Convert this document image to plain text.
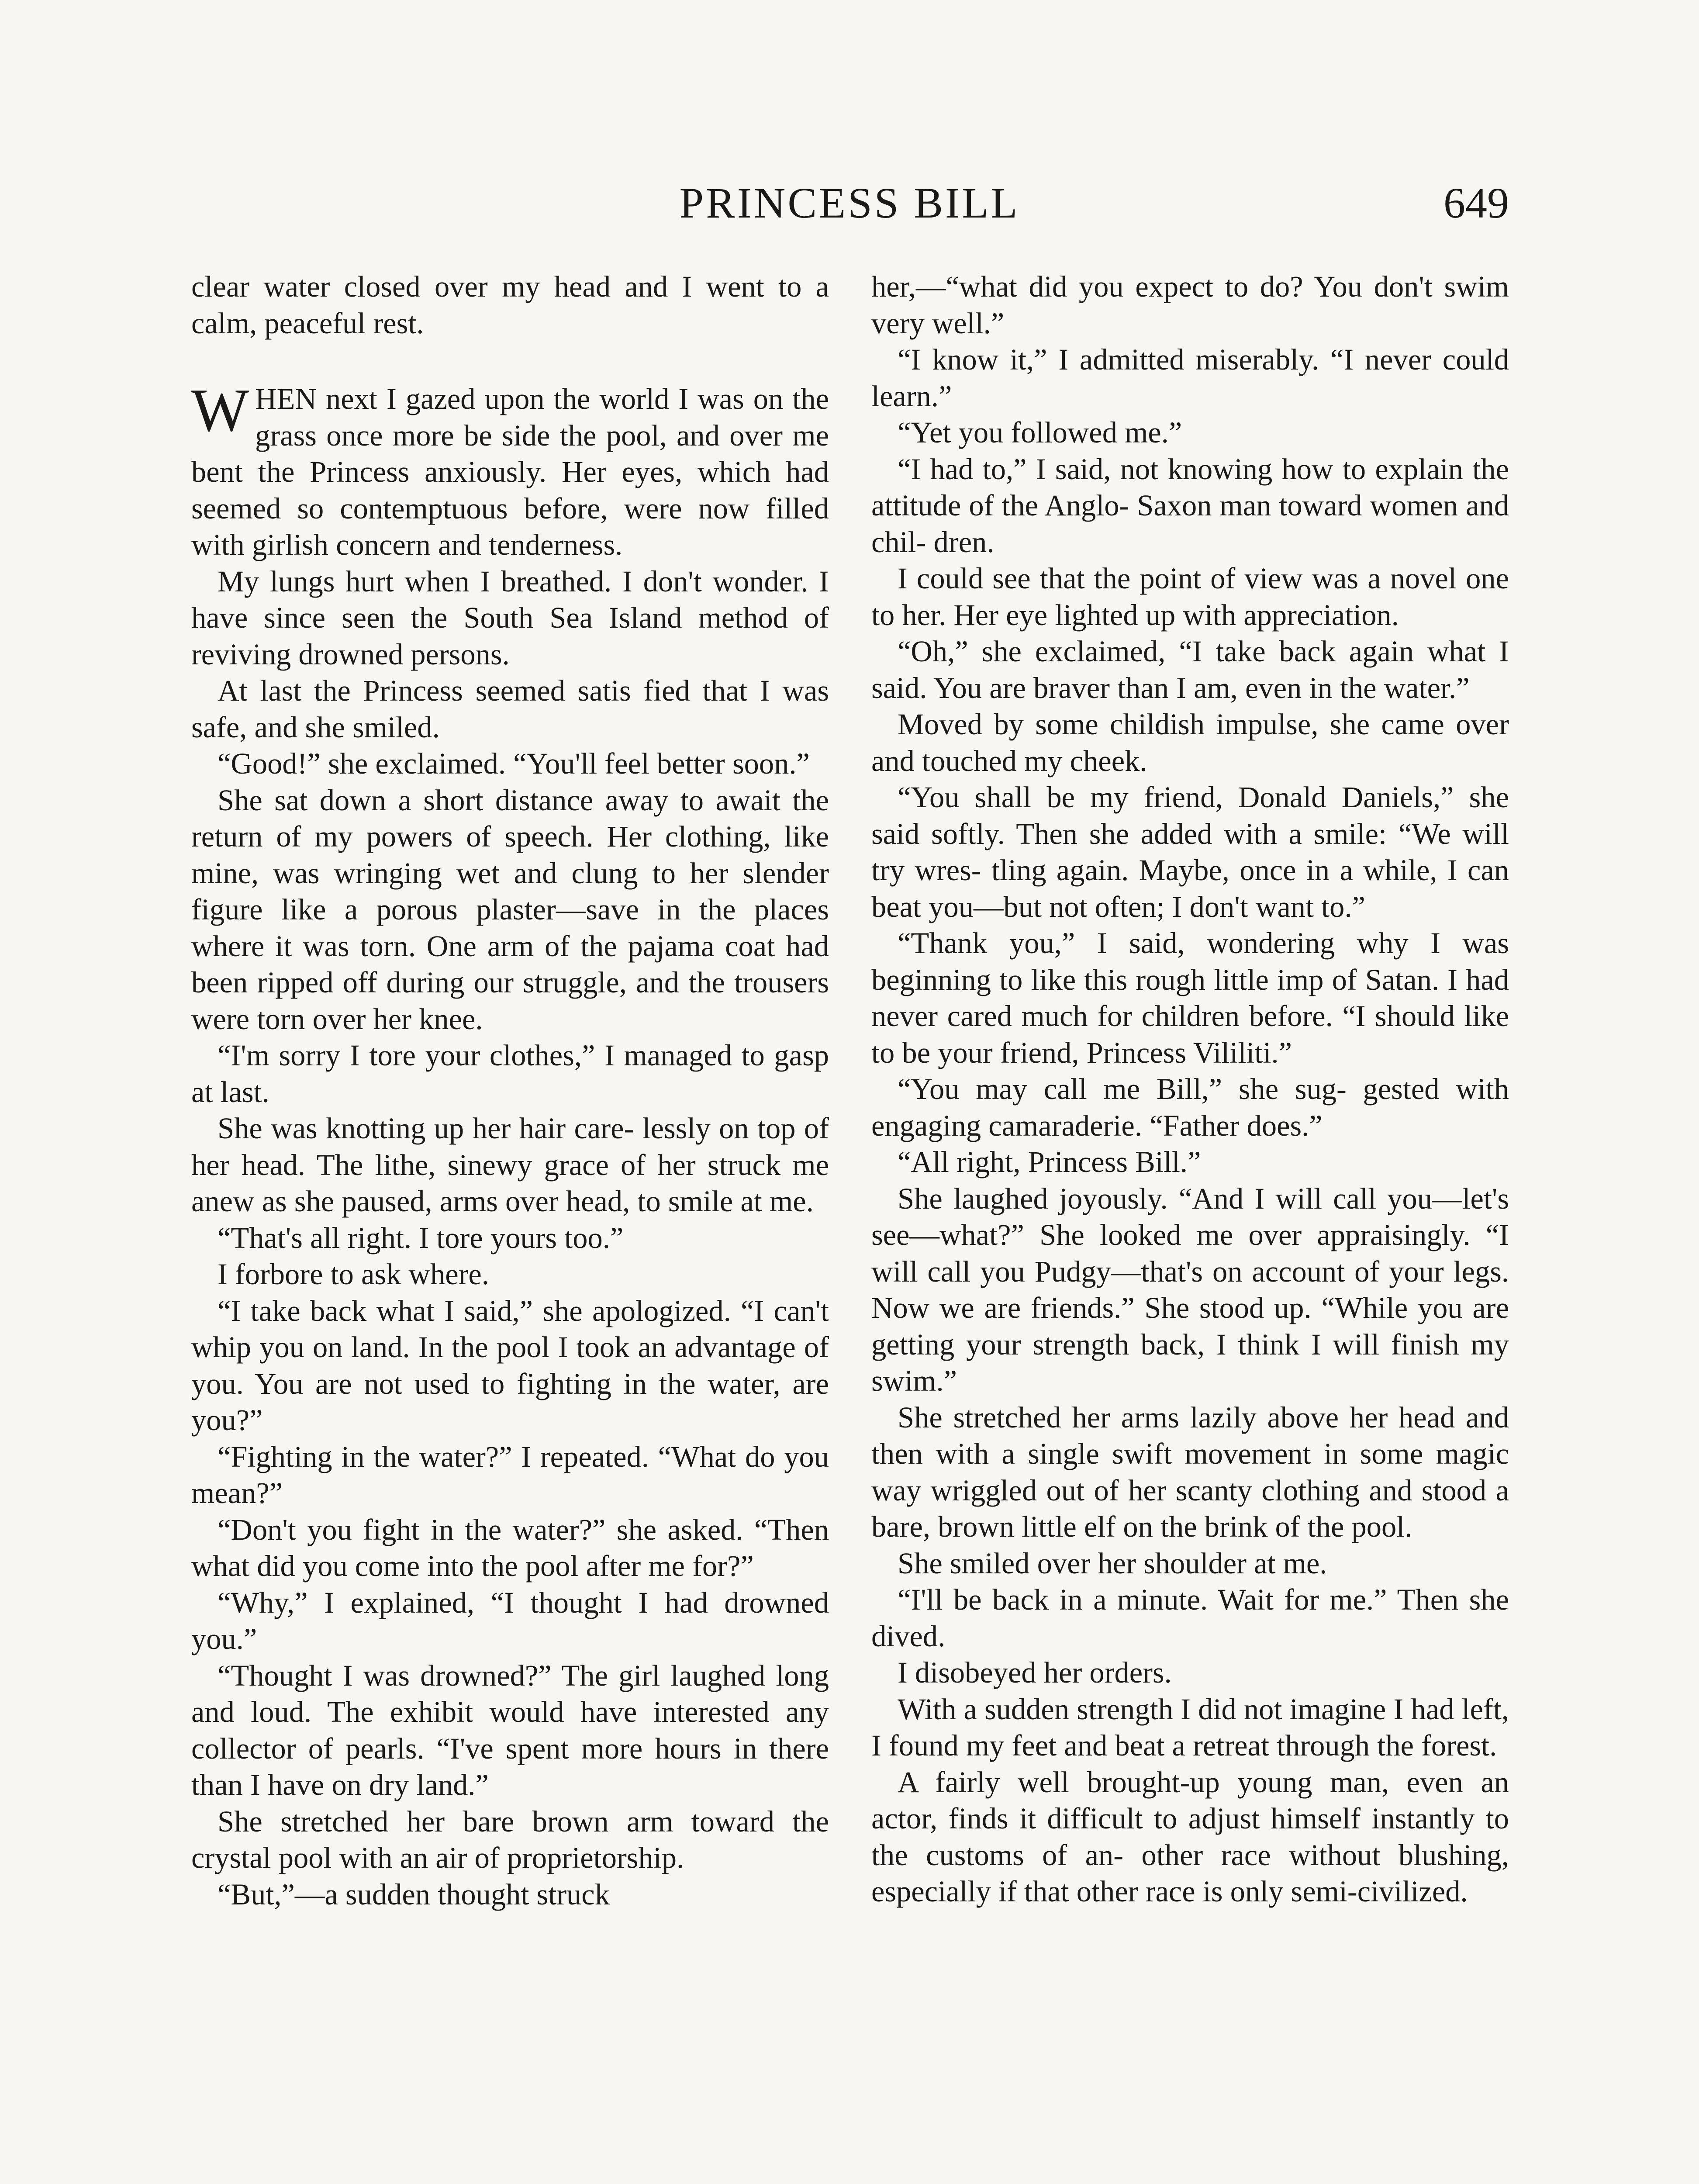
PRINCESS BILL	649

clear water closed over my head and I went to a calm, peaceful rest.

WHEN next I gazed upon the world I was on the grass once more be side the pool, and over me bent the Princess anxiously. Her eyes, which had seemed so contemptuous before, were now filled with girlish concern and tenderness.

My lungs hurt when I breathed. I don't wonder. I have since seen the South Sea Island method of reviving drowned persons.

At last the Princess seemed satis fied that I was safe, and she smiled.

“Good!” she exclaimed. “You'll feel better soon.”

She sat down a short distance away to await the return of my powers of speech. Her clothing, like mine, was wringing wet and clung to her slender figure like a porous plaster—save in the places where it was torn. One arm of the pajama coat had been ripped off during our struggle, and the trousers were torn over her knee.

“I'm sorry I tore your clothes,” I managed to gasp at last.

She was knotting up her hair care- lessly on top of her head. The lithe, sinewy grace of her struck me anew as she paused, arms over head, to smile at me.

“That's all right. I tore yours too.”

I forbore to ask where.

“I take back what I said,” she apologized. “I can't whip you on land. In the pool I took an advantage of you. You are not used to fighting in the water, are you?”

“Fighting in the water?” I repeated. “What do you mean?”

“Don't you fight in the water?” she asked. “Then what did you come into the pool after me for?”

“Why,” I explained, “I thought I had drowned you.”

“Thought I was drowned?” The girl laughed long and loud. The exhibit would have interested any collector of pearls. “I've spent more hours in there than I have on dry land.”

She stretched her bare brown arm toward the crystal pool with an air of proprietorship.

“But,”—a sudden thought struck

her,—“what did you expect to do? You don't swim very well.”

“I know it,” I admitted miserably. “I never could learn.”

“Yet you followed me.”

“I had to,” I said, not knowing how to explain the attitude of the Anglo- Saxon man toward women and chil- dren.

I could see that the point of view was a novel one to her. Her eye lighted up with appreciation.

“Oh,” she exclaimed, “I take back again what I said. You are braver than I am, even in the water.”

Moved by some childish impulse, she came over and touched my cheek.

“You shall be my friend, Donald Daniels,” she said softly. Then she added with a smile: “We will try wres- tling again. Maybe, once in a while, I can beat you—but not often; I don't want to.”

“Thank you,” I said, wondering why I was beginning to like this rough little imp of Satan. I had never cared much for children before. “I should like to be your friend, Princess Vililiti.”

“You may call me Bill,” she sug- gested with engaging camaraderie. “Father does.”

“All right, Princess Bill.”

She laughed joyously. “And I will call you—let's see—what?” She looked me over appraisingly. “I will call you Pudgy—that's on account of your legs. Now we are friends.” She stood up. “While you are getting your strength back, I think I will finish my swim.”

She stretched her arms lazily above her head and then with a single swift movement in some magic way wriggled out of her scanty clothing and stood a bare, brown little elf on the brink of the pool.

She smiled over her shoulder at me.

“I'll be back in a minute. Wait for me.” Then she dived.

I disobeyed her orders.

With a sudden strength I did not imagine I had left, I found my feet and beat a retreat through the forest.

A fairly well brought-up young man, even an actor, finds it difficult to adjust himself instantly to the customs of an- other race without blushing, especially if that other race is only semi-civilized.
